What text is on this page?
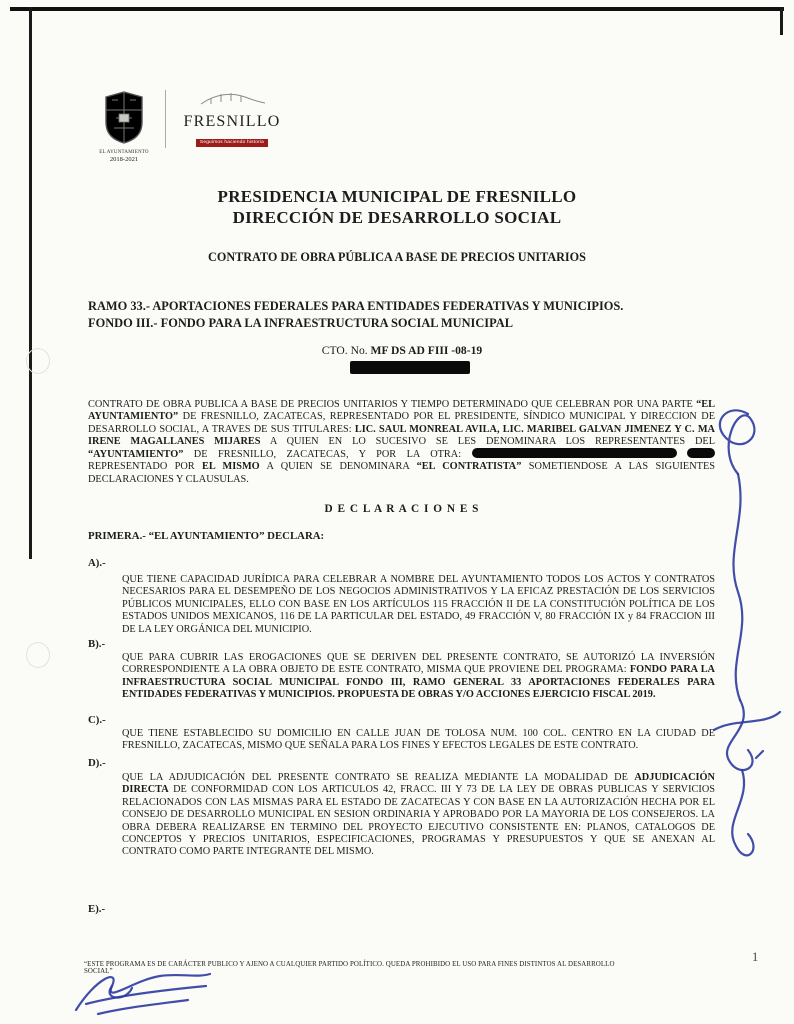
EL AYUNTAMIENTO
2018-2021
FRESNILLO
Seguimos haciendo historia
PRESIDENCIA MUNICIPAL DE FRESNILLO
DIRECCIÓN DE DESARROLLO SOCIAL
CONTRATO DE OBRA PÚBLICA A BASE DE PRECIOS UNITARIOS
RAMO 33.- APORTACIONES FEDERALES PARA ENTIDADES FEDERATIVAS Y MUNICIPIOS.
FONDO III.- FONDO PARA LA INFRAESTRUCTURA SOCIAL MUNICIPAL
CTO. No. MF DS AD FIII -08-19

CONTRATO DE OBRA PUBLICA A BASE DE PRECIOS UNITARIOS Y TIEMPO DETERMINADO QUE CELEBRAN POR UNA PARTE “EL AYUNTAMIENTO” DE FRESNILLO, ZACATECAS, REPRESENTADO POR EL PRESIDENTE, SÍNDICO MUNICIPAL Y DIRECCION DE DESARROLLO SOCIAL, A TRAVES DE SUS TITULARES: LIC. SAUL MONREAL AVILA, LIC. MARIBEL GALVAN JIMENEZ Y C. MA IRENE MAGALLANES MIJARES A QUIEN EN LO SUCESIVO SE LES DENOMINARA LOS REPRESENTANTES DEL “AYUNTAMIENTO” DE FRESNILLO, ZACATECAS, Y POR LA OTRA:   REPRESENTADO POR EL MISMO A QUIEN SE DENOMINARA “EL CONTRATISTA” SOMETIENDOSE A LAS SIGUIENTES DECLARACIONES Y CLAUSULAS.

D E C L A R A C I O N E S
PRIMERA.- “EL AYUNTAMIENTO” DECLARA:
A).-

QUE TIENE CAPACIDAD JURÍDICA PARA CELEBRAR A NOMBRE DEL AYUNTAMIENTO TODOS LOS ACTOS Y CONTRATOS NECESARIOS PARA EL DESEMPEÑO DE LOS NEGOCIOS ADMINISTRATIVOS Y LA EFICAZ PRESTACIÓN DE LOS SERVICIOS PÚBLICOS MUNICIPALES, ELLO CON BASE EN LOS ARTÍCULOS 115 FRACCIÓN II DE LA CONSTITUCIÓN POLÍTICA DE LOS ESTADOS UNIDOS MEXICANOS, 116 DE LA PARTICULAR DEL ESTADO, 49 FRACCIÓN V, 80 FRACCIÓN IX y 84 FRACCION III DE LA LEY ORGÁNICA DEL MUNICIPIO.

B).-

QUE PARA CUBRIR LAS EROGACIONES QUE SE DERIVEN DEL PRESENTE CONTRATO, SE AUTORIZÓ LA INVERSIÓN CORRESPONDIENTE A LA OBRA OBJETO DE ESTE CONTRATO, MISMA QUE PROVIENE DEL PROGRAMA: FONDO PARA LA INFRAESTRUCTURA SOCIAL MUNICIPAL FONDO III, RAMO GENERAL 33 APORTACIONES FEDERALES PARA ENTIDADES FEDERATIVAS Y MUNICIPIOS. PROPUESTA DE OBRAS Y/O ACCIONES EJERCICIO FISCAL 2019.

C).-

QUE TIENE ESTABLECIDO SU DOMICILIO EN CALLE JUAN DE TOLOSA NUM. 100 COL. CENTRO EN LA CIUDAD DE FRESNILLO, ZACATECAS, MISMO QUE SEÑALA PARA LOS FINES Y EFECTOS LEGALES DE ESTE CONTRATO.

D).-

QUE LA ADJUDICACIÓN DEL PRESENTE CONTRATO SE REALIZA MEDIANTE LA MODALIDAD DE ADJUDICACIÓN DIRECTA DE CONFORMIDAD CON LOS ARTICULOS 42, FRACC. III Y 73 DE LA LEY DE OBRAS PUBLICAS Y SERVICIOS RELACIONADOS CON LAS MISMAS PARA EL ESTADO DE ZACATECAS Y CON BASE EN LA AUTORIZACIÓN HECHA POR EL CONSEJO DE DESARROLLO MUNICIPAL EN SESION ORDINARIA Y APROBADO POR LA MAYORIA DE LOS CONSEJEROS. LA OBRA DEBERA REALIZARSE EN TERMINO DEL PROYECTO EJECUTIVO CONSISTENTE EN: PLANOS, CATALOGOS DE CONCEPTOS Y PRECIOS UNITARIOS, ESPECIFICACIONES, PROGRAMAS Y PRESUPUESTOS Y QUE SE ANEXAN AL CONTRATO COMO PARTE INTEGRANTE DEL MISMO.

E).-
“ESTE PROGRAMA ES DE CARÁCTER PUBLICO Y AJENO A CUALQUIER PARTIDO POLÍTICO. QUEDA PROHIBIDO EL USO PARA FINES DISTINTOS AL DESARROLLO SOCIAL”
1
